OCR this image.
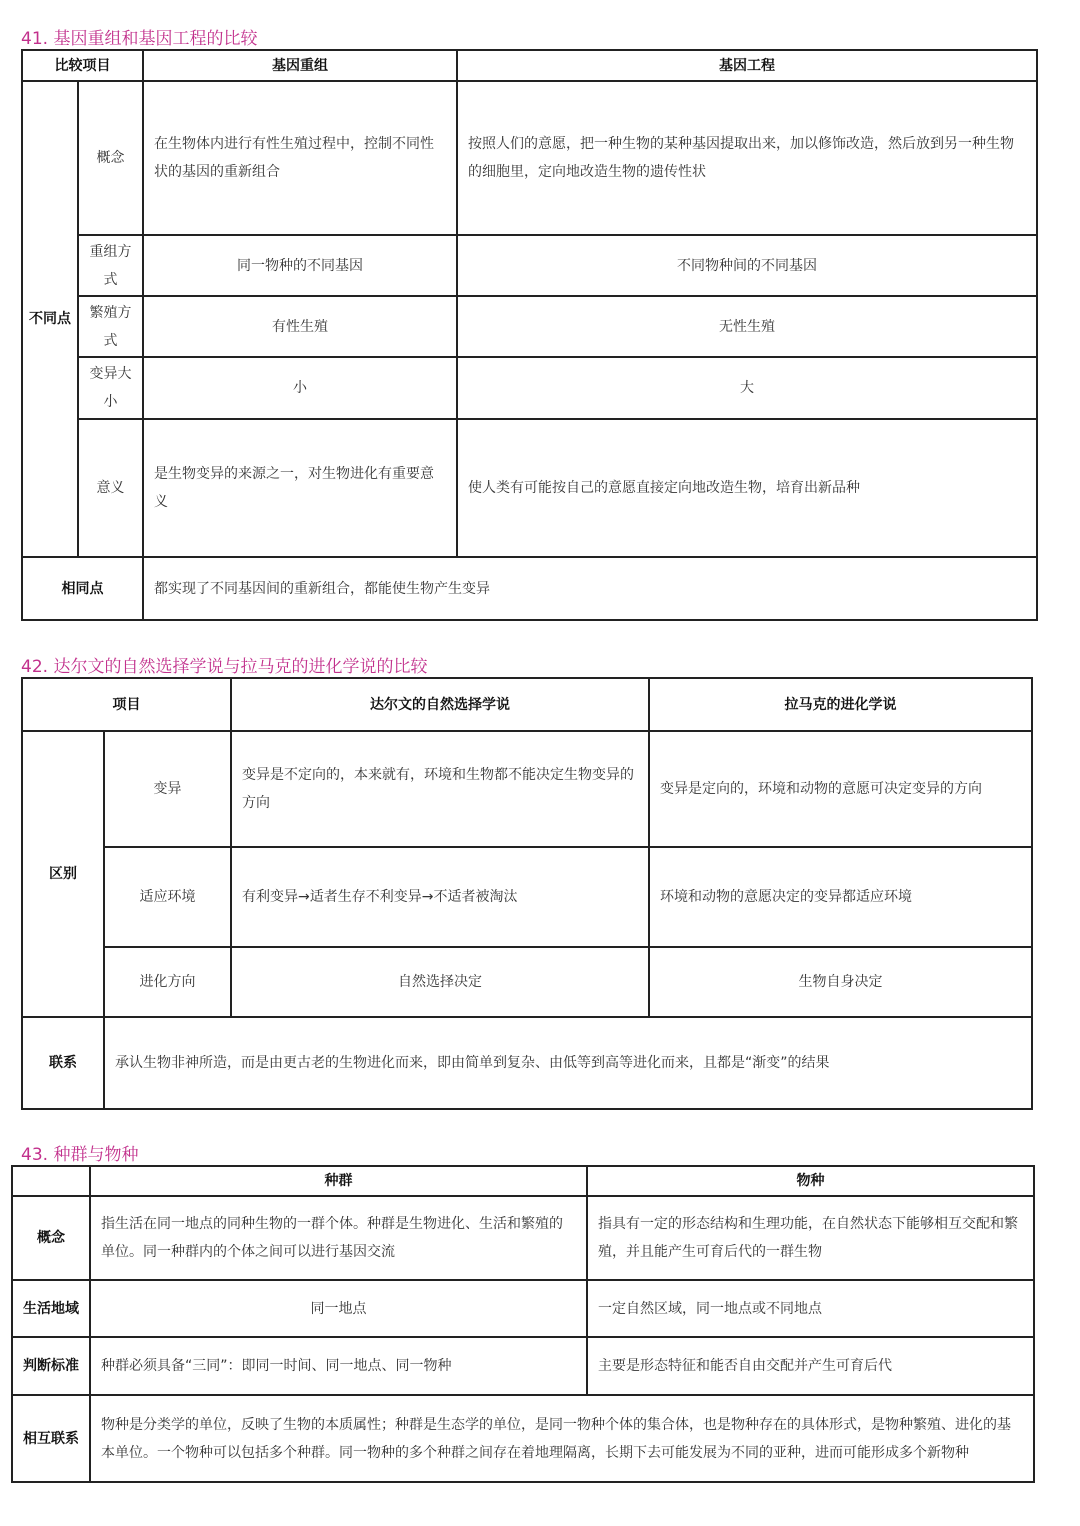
41. 基因重组和基因工程的比较
比较项目		基因重组	基因工程
不同点	概念	在生物体内进行有性生殖过程中，控制不同性状的基因的重新组合	按照人们的意愿，把一种生物的某种基因提取出来，加以修饰改造，然后放到另一种生物的细胞里，定向地改造生物的遗传性状
	重组方式	同一物种的不同基因	不同物种间的不同基因
	繁殖方式	有性生殖	无性生殖
	变异大小	小	大
	意义	是生物变异的来源之一，对生物进化有重要意义	使人类有可能按自己的意愿直接定向地改造生物，培育出新品种
相同点		都实现了不同基因间的重新组合，都能使生物产生变异	
42. 达尔文的自然选择学说与拉马克的进化学说的比较
项目		达尔文的自然选择学说	拉马克的进化学说
区别	变异	变异是不定向的，本来就有，环境和生物都不能决定生物变异的方向	变异是定向的，环境和动物的意愿可决定变异的方向
	适应环境	有利变异→适者生存不利变异→不适者被淘汰	环境和动物的意愿决定的变异都适应环境
	进化方向	自然选择决定	生物自身决定
联系	承认生物非神所造，而是由更古老的生物进化而来，即由简单到复杂、由低等到高等进化而来，且都是“渐变”的结果		
43. 种群与物种
	种群	物种
概念	指生活在同一地点的同种生物的一群个体。种群是生物进化、生活和繁殖的单位。同一种群内的个体之间可以进行基因交流	指具有一定的形态结构和生理功能，在自然状态下能够相互交配和繁殖，并且能产生可育后代的一群生物
生活地域	同一地点	一定自然区域，同一地点或不同地点
判断标准	种群必须具备“三同”：即同一时间、同一地点、同一物种	主要是形态特征和能否自由交配并产生可育后代
相互联系	物种是分类学的单位，反映了生物的本质属性；种群是生态学的单位，是同一物种个体的集合体，也是物种存在的具体形式，是物种繁殖、进化的基本单位。一个物种可以包括多个种群。同一物种的多个种群之间存在着地理隔离，长期下去可能发展为不同的亚种，进而可能形成多个新物种	
